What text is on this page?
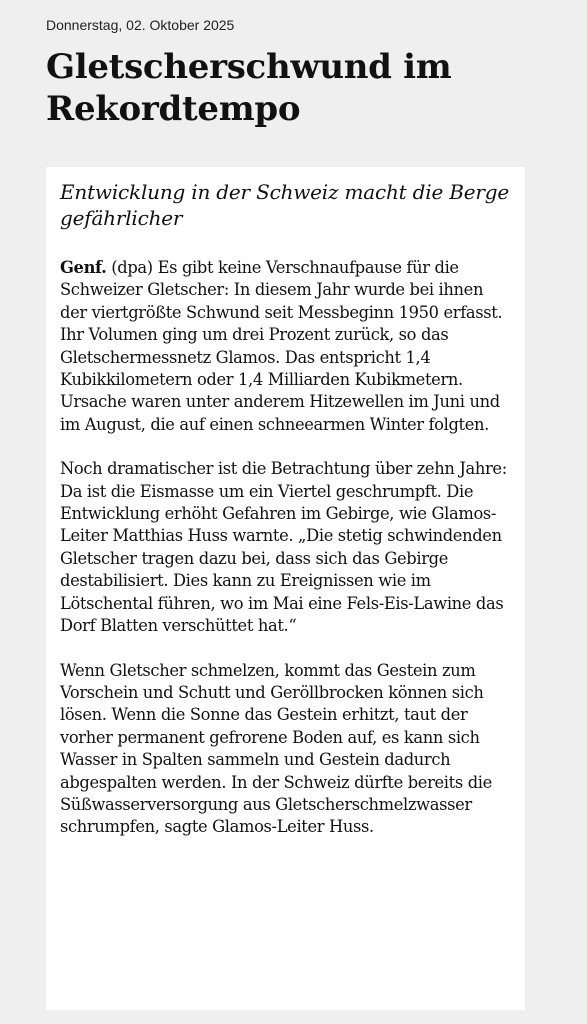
Donnerstag, 02. Oktober 2025

Gletscherschwund im Rekordtempo

Entwicklung in der Schweiz macht die Berge gefährlicher

Genf. (dpa) Es gibt keine Verschnaufpause für die Schweizer Gletscher: In diesem Jahr wurde bei ihnen der viertgrößte Schwund seit Messbeginn 1950 erfasst. Ihr Volumen ging um drei Prozent zurück, so das Gletschermessnetz Glamos. Das entspricht 1,4 Kubikkilometern oder 1,4 Milliarden Kubikmetern. Ursache waren unter anderem Hitzewellen im Juni und im August, die auf einen schneearmen Winter folgten.

Noch dramatischer ist die Betrachtung über zehn Jahre: Da ist die Eismasse um ein Viertel geschrumpft. Die Entwicklung erhöht Gefahren im Gebirge, wie Glamos-Leiter Matthias Huss warnte. „Die stetig schwindenden Gletscher tragen dazu bei, dass sich das Gebirge destabilisiert. Dies kann zu Ereignissen wie im Lötschental führen, wo im Mai eine Fels-Eis-Lawine das Dorf Blatten verschüttet hat.“

Wenn Gletscher schmelzen, kommt das Gestein zum Vorschein und Schutt und Geröllbrocken können sich lösen. Wenn die Sonne das Gestein erhitzt, taut der vorher permanent gefrorene Boden auf, es kann sich Wasser in Spalten sammeln und Gestein dadurch abgespalten werden. In der Schweiz dürfte bereits die Süßwasserversorgung aus Gletscherschmelzwasser schrumpfen, sagte Glamos-Leiter Huss.
